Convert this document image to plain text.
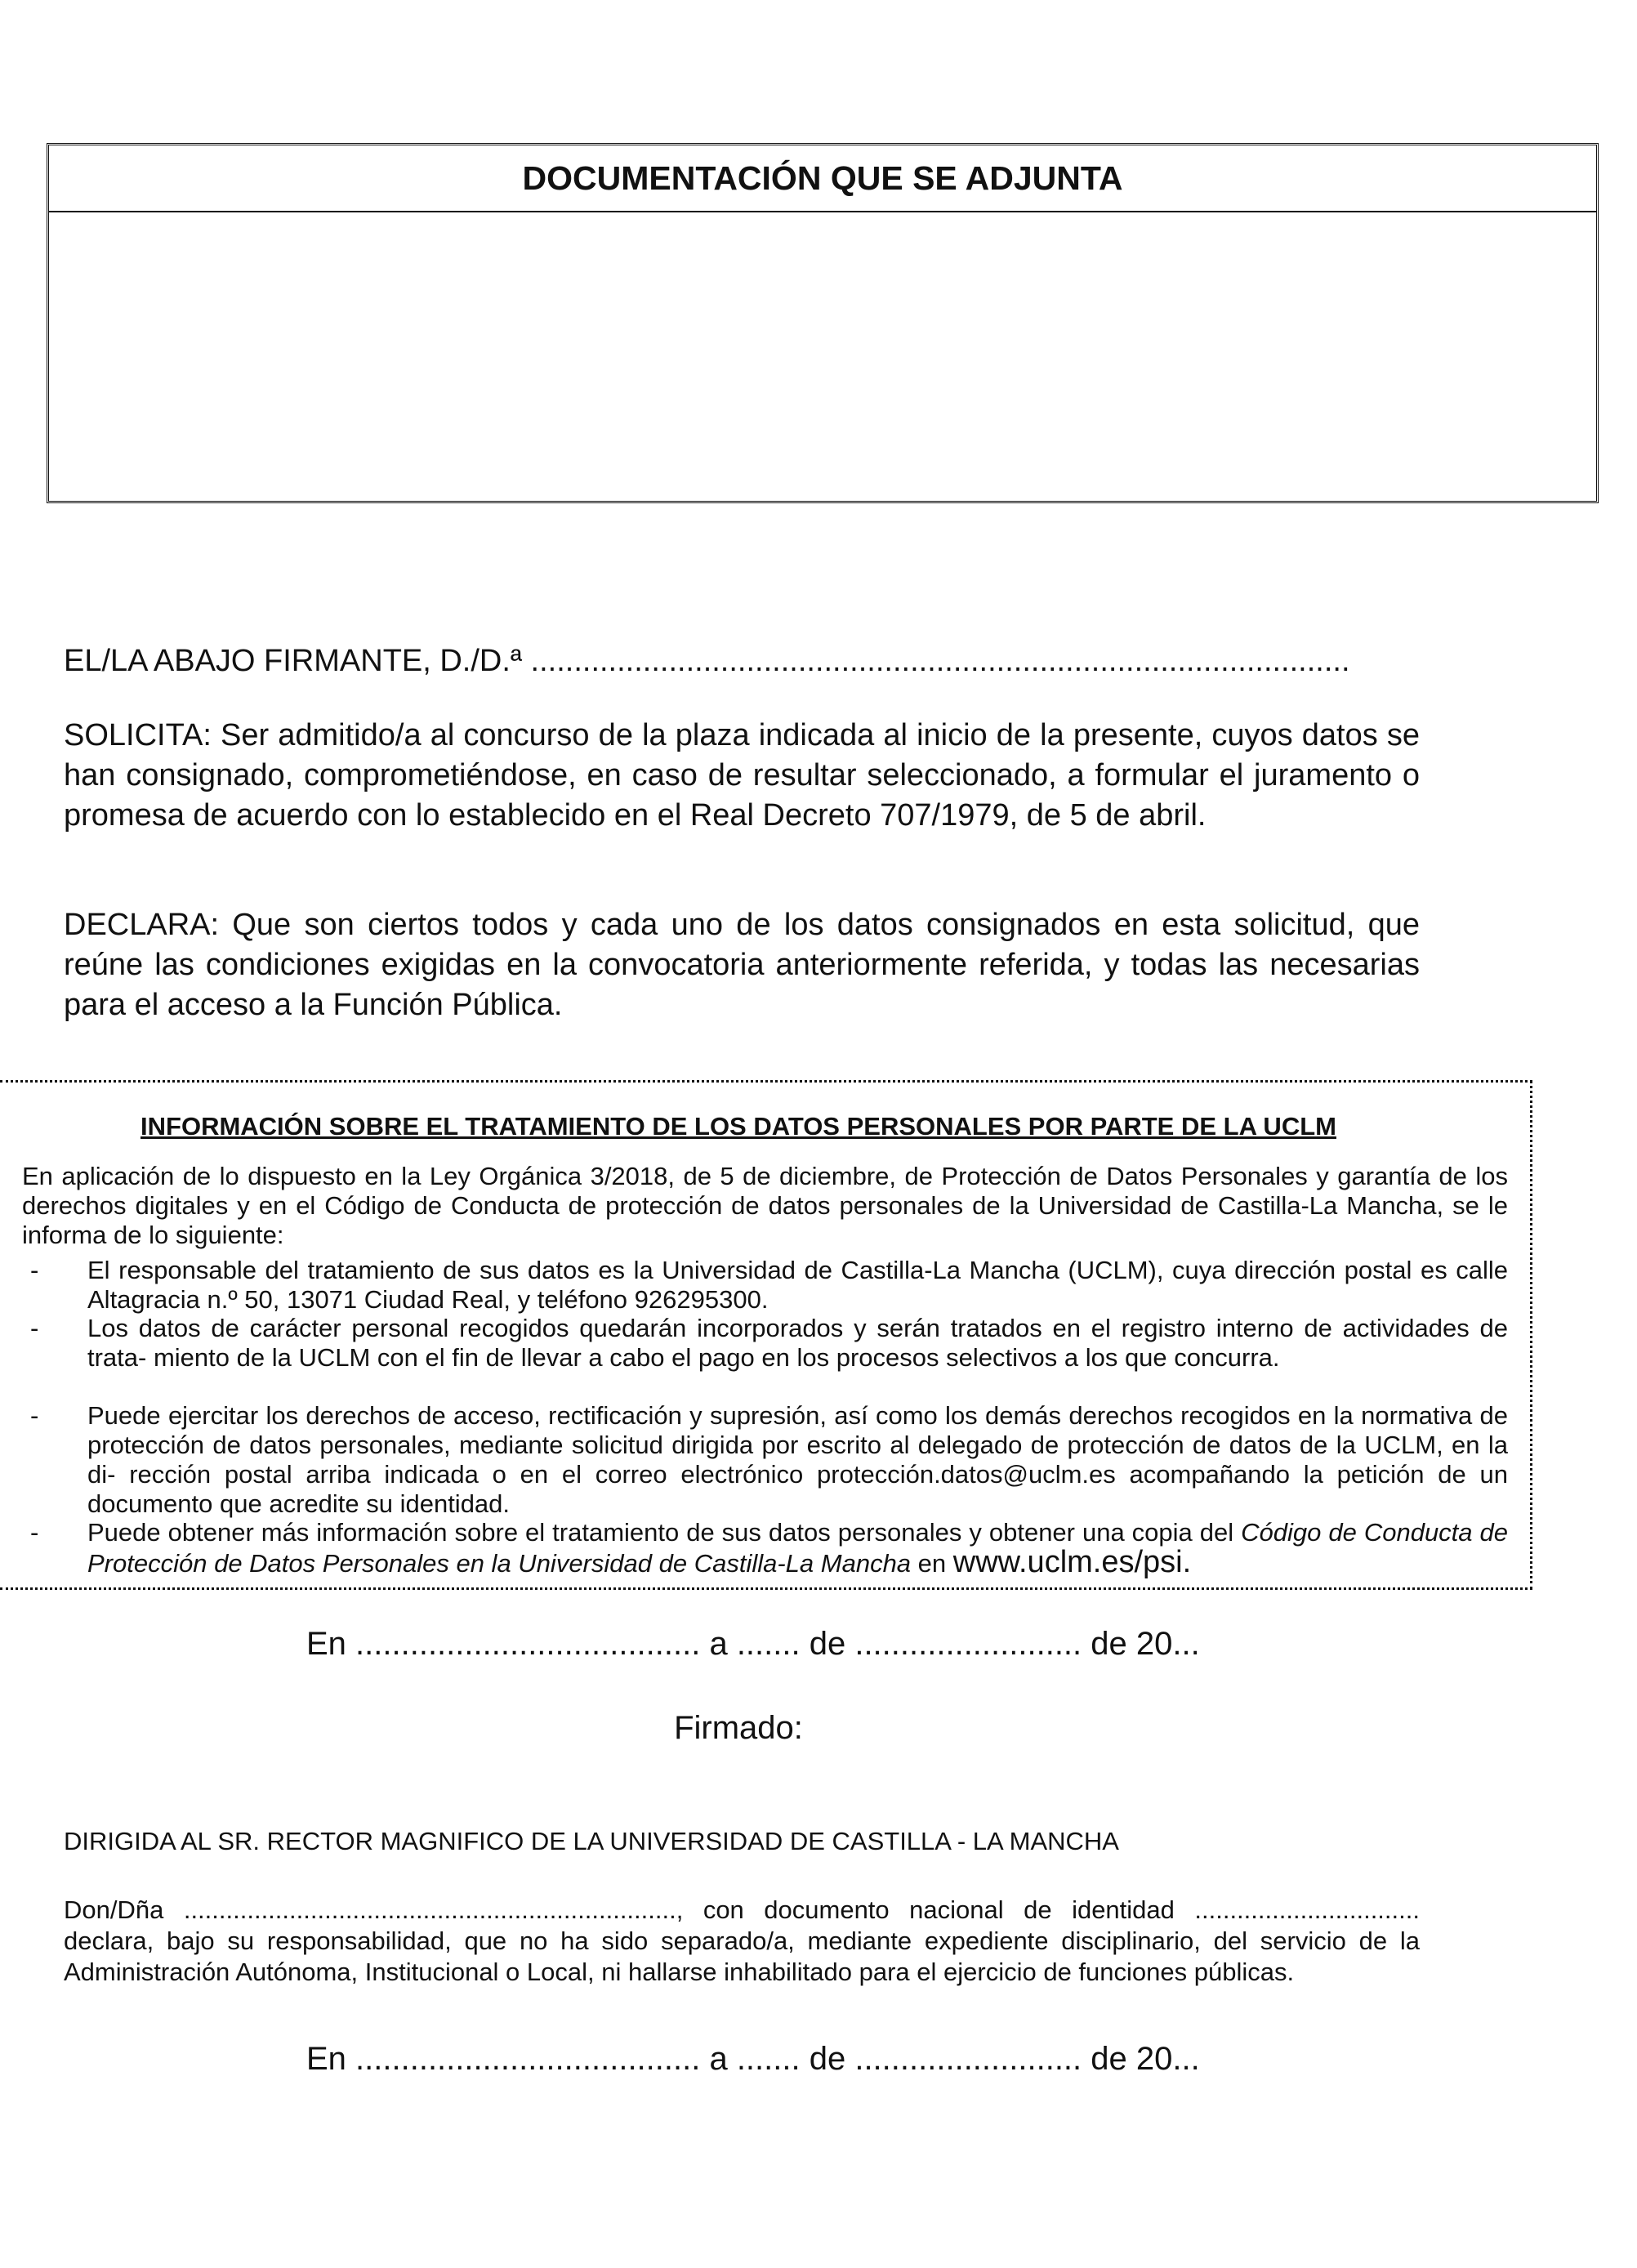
DOCUMENTACIÓN QUE SE ADJUNTA
EL/LA ABAJO FIRMANTE, D./D.ª ...............................................................................................
SOLICITA: Ser admitido/a al concurso de la plaza indicada al inicio de la presente, cuyos datos se han consignado, comprometiéndose, en caso de resultar seleccionado, a formular el juramento o promesa de acuerdo con lo establecido en el Real Decreto 707/1979, de 5 de abril.
DECLARA: Que son ciertos todos y cada uno de los datos consignados en esta solicitud, que reúne las condiciones exigidas en la convocatoria anteriormente referida, y todas las necesarias para el acceso a la Función Pública.
INFORMACIÓN SOBRE EL TRATAMIENTO DE LOS DATOS PERSONALES POR PARTE DE LA UCLM
En aplicación de lo dispuesto en la Ley Orgánica 3/2018, de 5 de diciembre, de Protección de Datos Personales y garantía de los derechos digitales y en el Código de Conducta de protección de datos personales de la Universidad de Castilla-La Mancha, se le informa de lo siguiente:
- El responsable del tratamiento de sus datos es la Universidad de Castilla-La Mancha (UCLM), cuya dirección postal es calle Altagracia n.º 50, 13071 Ciudad Real, y teléfono 926295300.
- Los datos de carácter personal recogidos quedarán incorporados y serán tratados en el registro interno de actividades de trata- miento de la UCLM con el fin de llevar a cabo el pago en los procesos selectivos a los que concurra.
- Puede ejercitar los derechos de acceso, rectificación y supresión, así como los demás derechos recogidos en la normativa de protección de datos personales, mediante solicitud dirigida por escrito al delegado de protección de datos de la UCLM, en la di- rección postal arriba indicada o en el correo electrónico protección.datos@uclm.es acompañando la petición de un documento que acredite su identidad.
- Puede obtener más información sobre el tratamiento de sus datos personales y obtener una copia del Código de Conducta de Protección de Datos Personales en la Universidad de Castilla-La Mancha en www.uclm.es/psi.
En ...................................... a ....... de ......................... de 20...
Firmado:
DIRIGIDA AL SR. RECTOR MAGNIFICO DE LA UNIVERSIDAD DE CASTILLA - LA MANCHA
Don/Dña ......................................................................, con documento nacional de identidad ................................ declara, bajo su responsabilidad, que no ha sido separado/a, mediante expediente disciplinario, del servicio de la Administración Autónoma, Institucional o Local, ni hallarse inhabilitado para el ejercicio de funciones públicas.
En ...................................... a ....... de ......................... de 20...
